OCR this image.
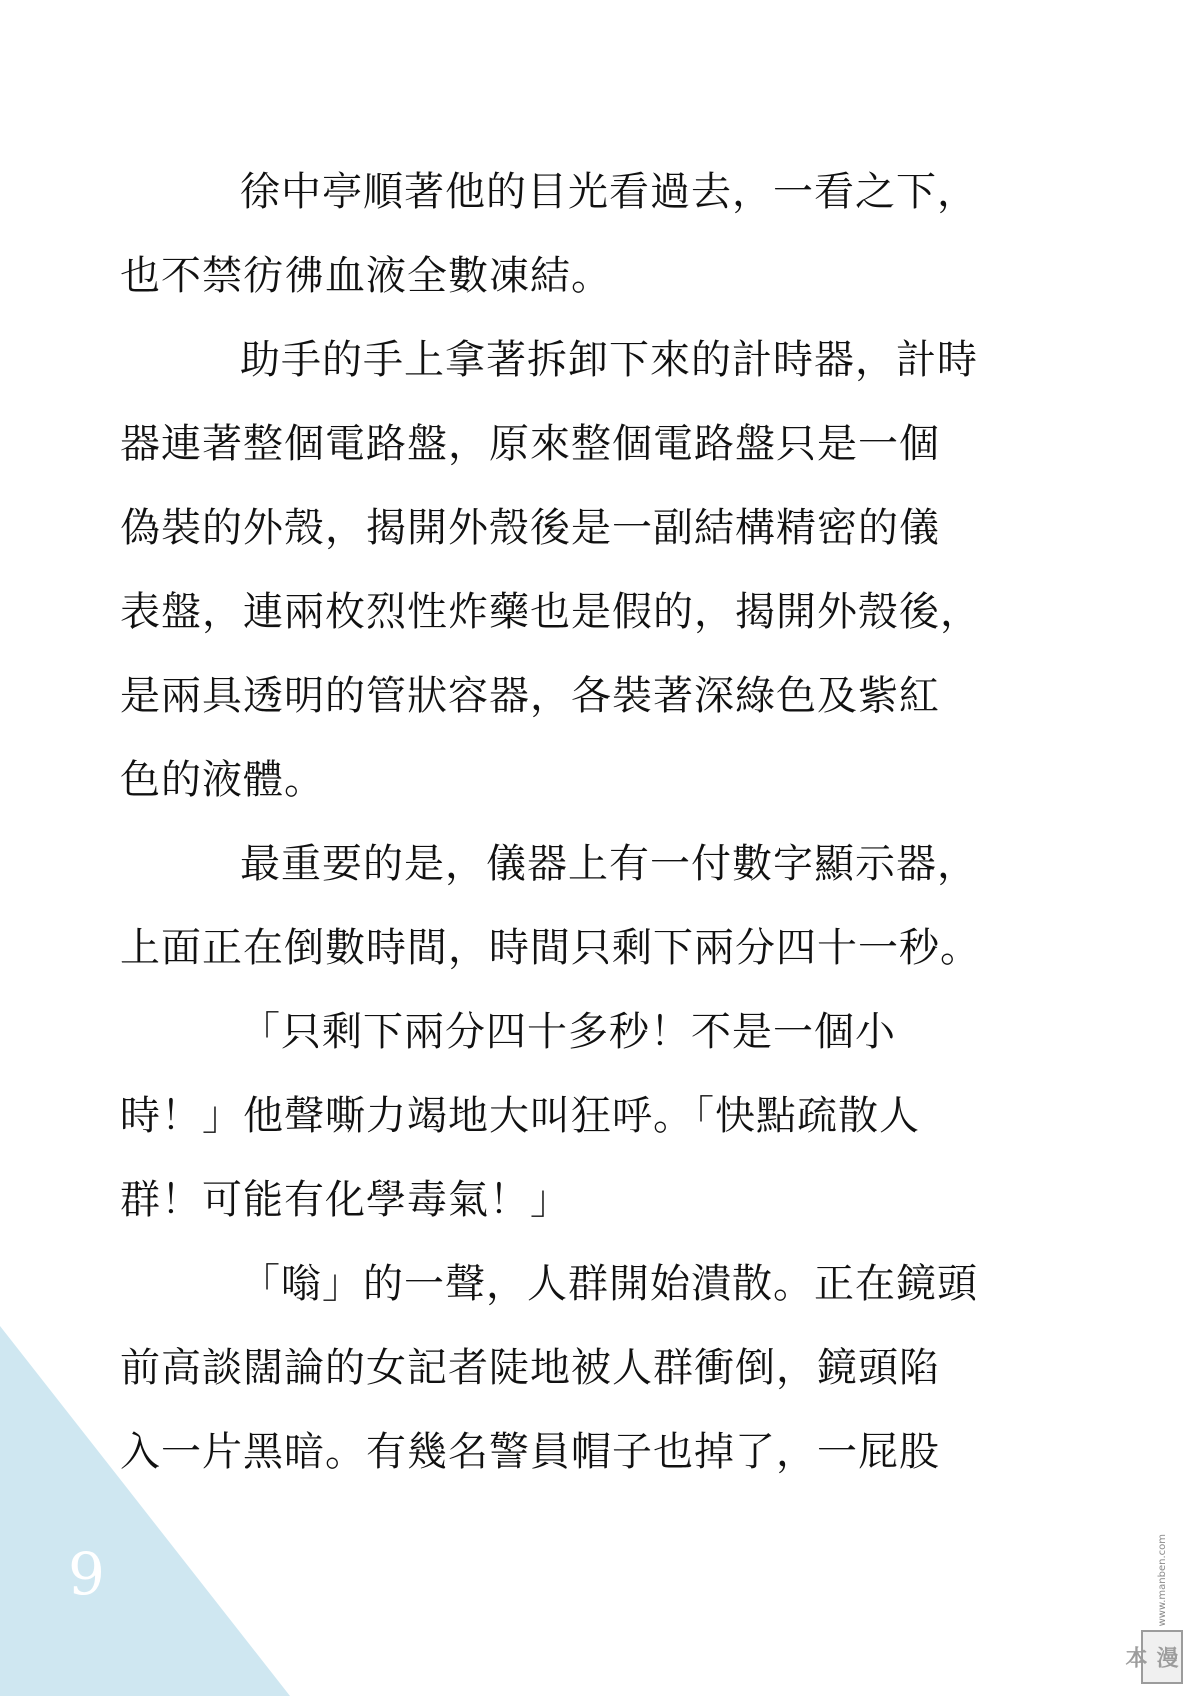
徐中亭順著他的目光看過去，一看之下，
也不禁彷彿血液全數凍結。
助手的手上拿著拆卸下來的計時器，計時
器連著整個電路盤，原來整個電路盤只是一個
偽裝的外殼，揭開外殼後是一副結構精密的儀
表盤，連兩枚烈性炸藥也是假的，揭開外殼後，
是兩具透明的管狀容器，各裝著深綠色及紫紅
色的液體。
最重要的是，儀器上有一付數字顯示器，
上面正在倒數時間，時間只剩下兩分四十一秒。
「只剩下兩分四十多秒！不是一個小
時！」他聲嘶力竭地大叫狂呼。「快點疏散人
群！可能有化學毒氣！」
「嗡」的一聲，人群開始潰散。正在鏡頭
前高談闊論的女記者陡地被人群衝倒，鏡頭陷
入一片黑暗。有幾名警員帽子也掉了，一屁股
9	www.manben.com
漫本
